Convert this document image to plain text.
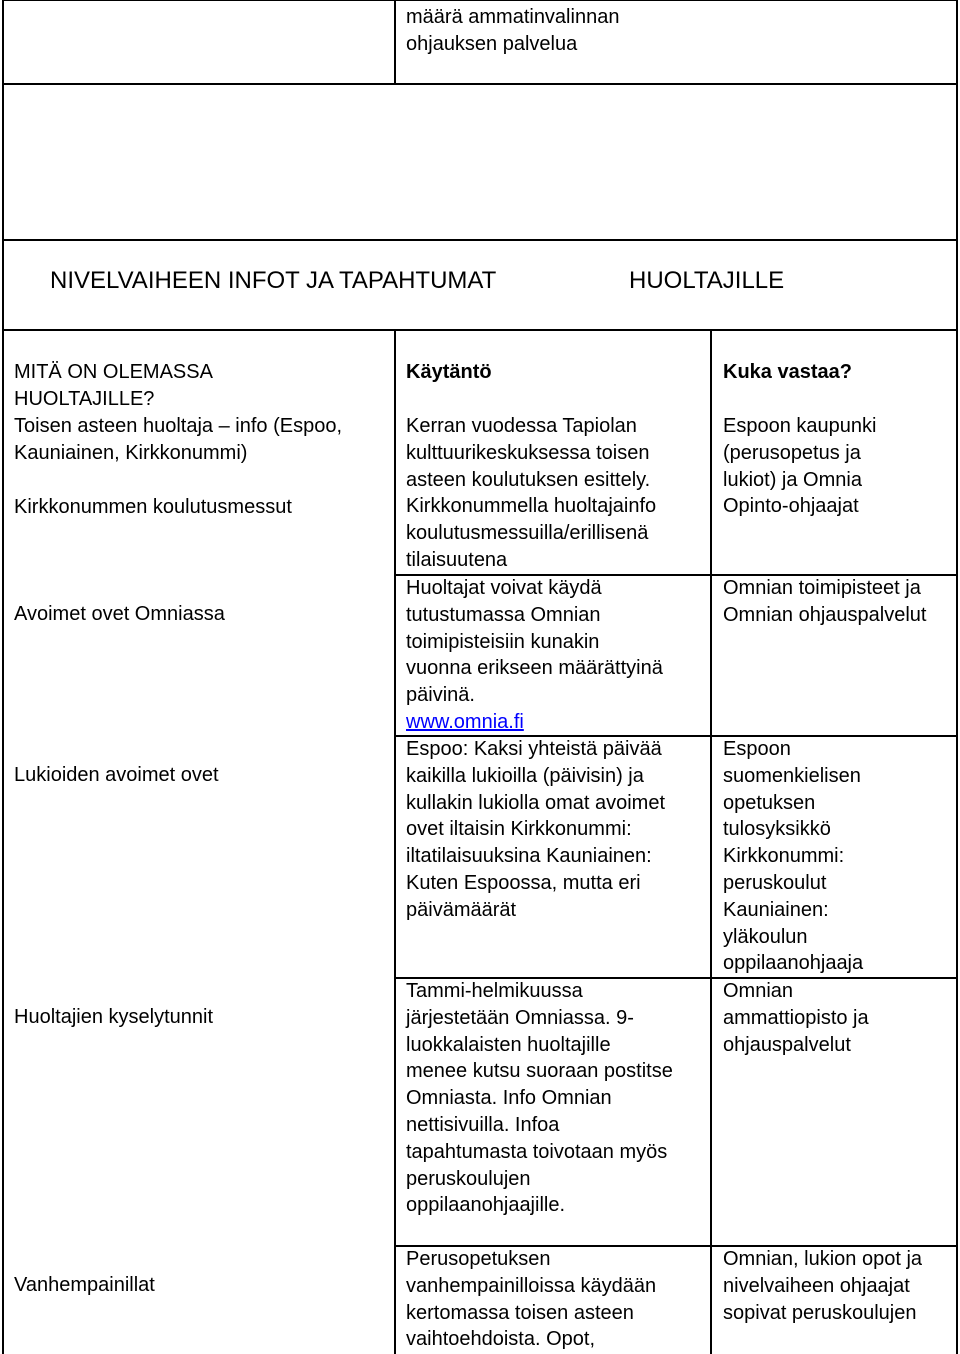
määrä ammatinvalinnan ohjauksen palvelua

NIVELVAIHEEN INFOT JA TAPAHTUMAT	HUOLTAJILLE

MITÄ ON OLEMASSA HUOLTAJILLE?

Käytäntö	Kuka vastaa?

Toisen asteen huoltaja – info (Espoo, Kauniainen, Kirkkonummi)

Kirkkonummen koulutusmessut

Kerran vuodessa Tapiolan kulttuurikeskuksessa toisen asteen koulutuksen esittely. Kirkkonummella huoltajainfo koulutusmessuilla/erillisenä tilaisuutena

Espoon kaupunki (perusopetus ja lukiot) ja Omnia Opinto-ohjaajat

Avoimet ovet Omniassa

Huoltajat voivat käydä tutustumassa Omnian toimipisteisiin kunakin vuonna erikseen määrättyinä päivinä.

www.omnia.fi

Omnian toimipisteet ja Omnian ohjauspalvelut

Lukioiden avoimet ovet

Espoo: Kaksi yhteistä päivää kaikilla lukioilla (päivisin) ja kullakin lukiolla omat avoimet ovet iltaisin Kirkkonummi: iltatilaisuuksina Kauniainen: Kuten Espoossa, mutta eri päivämäärät

Espoon suomenkielisen opetuksen tulosyksikkö Kirkkonummi: peruskoulut Kauniainen: yläkoulun oppilaanohjaaja

Huoltajien kyselytunnit

Tammi-helmikuussa järjestetään Omniassa. 9-luokkalaisten huoltajille menee kutsu suoraan postitse Omniasta. Info Omnian nettisivuilla. Infoa tapahtumasta toivotaan myös peruskoulujen oppilaanohjaajille.

Omnian ammattiopisto ja ohjauspalvelut

Vanhempainillat

Perusopetuksen vanhempainilloissa käydään kertomassa toisen asteen vaihtoehdoista. Opot,

Omnian, lukion opot ja nivelvaiheen ohjaajat sopivat peruskoulujen
